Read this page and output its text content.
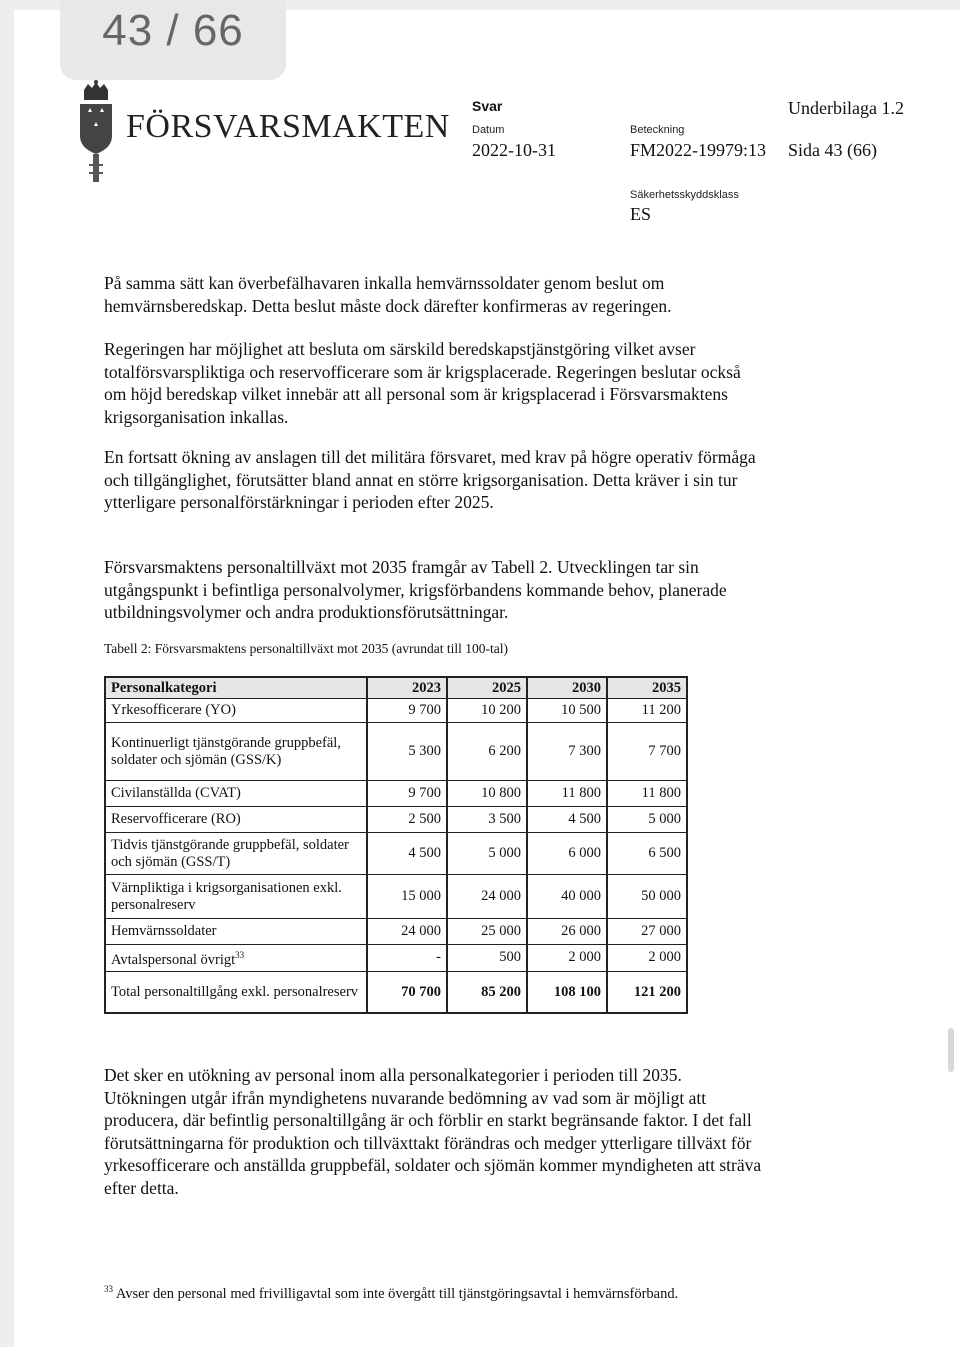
43 / 66
FÖRSVARSMAKTEN
Svar	Underbilaga 1.2
Datum
2022-10-31
Beteckning
FM2022-19979:13 Sida 43 (66)
Säkerhetsskyddsklass
ES

På samma sätt kan överbefälhavaren inkalla hemvärnssoldater genom beslut om hemvärnsberedskap. Detta beslut måste dock därefter konfirmeras av regeringen.

Regeringen har möjlighet att besluta om särskild beredskapstjänstgöring vilket avser totalförsvarspliktiga och reservofficerare som är krigsplacerade. Regeringen beslutar också om höjd beredskap vilket innebär att all personal som är krigsplacerad i Försvarsmaktens krigsorganisation inkallas.

En fortsatt ökning av anslagen till det militära försvaret, med krav på högre operativ förmåga och tillgänglighet, förutsätter bland annat en större krigsorganisation. Detta kräver i sin tur ytterligare personalförstärkningar i perioden efter 2025.

Försvarsmaktens personaltillväxt mot 2035 framgår av Tabell 2. Utvecklingen tar sin utgångspunkt i befintliga personalvolymer, krigsförbandens kommande behov, planerade utbildningsvolymer och andra produktionsförutsättningar.

Tabell 2: Försvarsmaktens personaltillväxt mot 2035 (avrundat till 100-tal)
Personalkategori	2023	2025	2030	2035
Yrkesofficerare (YO)	9 700	10 200	10 500	11 200
Kontinuerligt tjänstgörande gruppbefäl, soldater och sjömän (GSS/K)	5 300	6 200	7 300	7 700
Civilanställda (CVAT)	9 700	10 800	11 800	11 800
Reservofficerare (RO)	2 500	3 500	4 500	5 000
Tidvis tjänstgörande gruppbefäl, soldater och sjömän (GSS/T)	4 500	5 000	6 000	6 500
Värnpliktiga i krigsorganisationen exkl. personalreserv	15 000	24 000	40 000	50 000
Hemvärnssoldater	24 000	25 000	26 000	27 000
Avtalspersonal övrigt$^{33}$	-	500	2 000	2 000
Total personaltillgång exkl. personalreserv	70 700	85 200	108 100	121 200

Det sker en utökning av personal inom alla personalkategorier i perioden till 2035. Utökningen utgår ifrån myndighetens nuvarande bedömning av vad som är möjligt att producera, där befintlig personaltillgång är och förblir en starkt begränsande faktor. I det fall förutsättningarna för produktion och tillväxttakt förändras och medger ytterligare tillväxt för yrkesofficerare och anställda gruppbefäl, soldater och sjömän kommer myndigheten att sträva efter detta.

$^{33}$ Avser den personal med frivilligavtal som inte övergått till tjänstgöringsavtal i hemvärnsförband.
